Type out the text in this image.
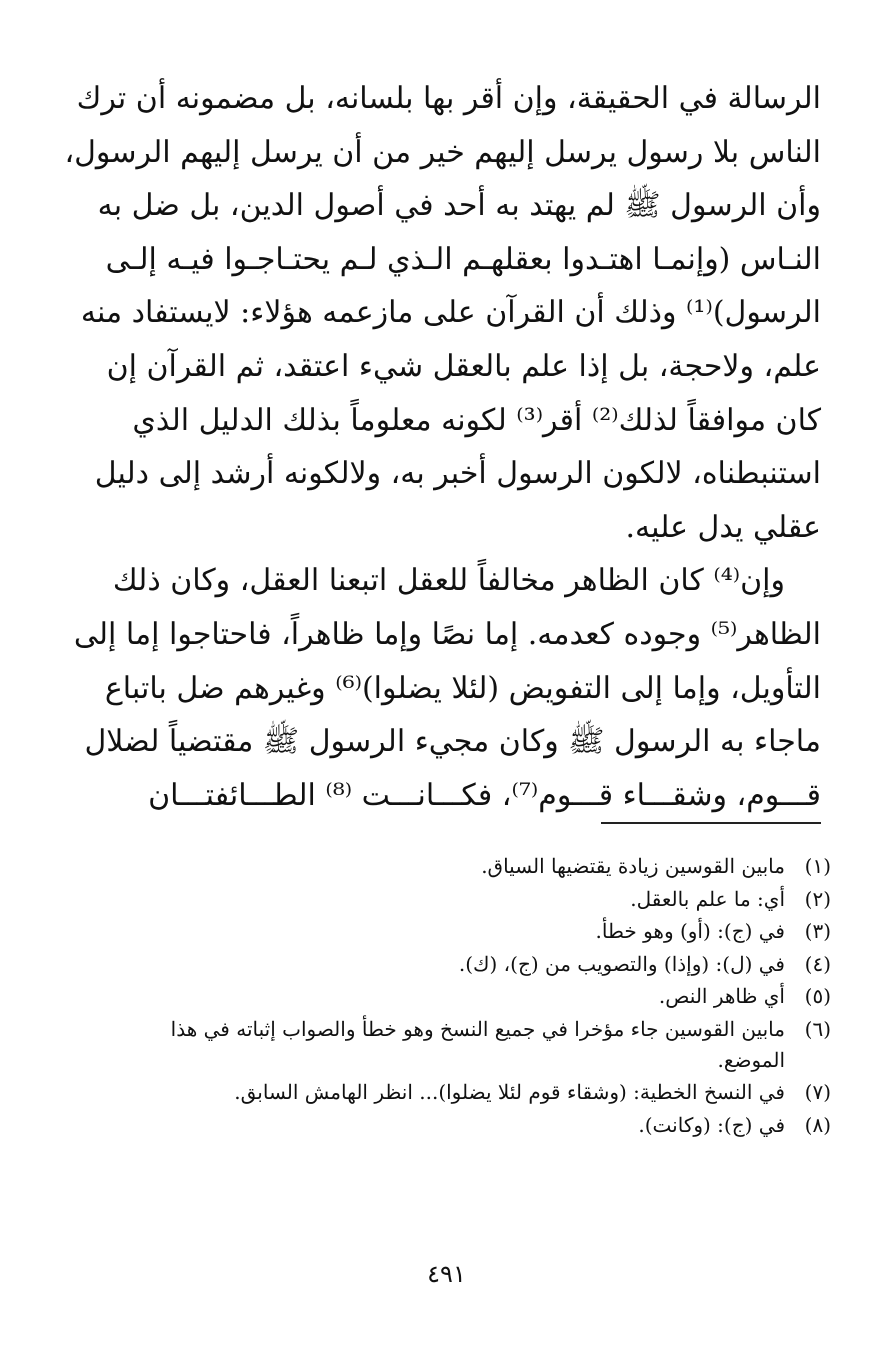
الرسالة في الحقيقة، وإن أقر بها بلسانه، بل مضمونه أن ترك
الناس بلا رسول يرسل إليهم خير من أن يرسل إليهم الرسول،
وأن الرسول ﷺ لم يهتد به أحد في أصول الدين، بل ضل به
النـاس (وإنمـا اهتـدوا بعقلهـم الـذي لـم يحتـاجـوا فيـه إلـى
الرسول)⁽¹⁾ وذلك أن القرآن على مازعمه هؤلاء: لايستفاد منه
علم، ولاحجة، بل إذا علم بالعقل شيء اعتقد، ثم القرآن إن
كان موافقاً لذلك⁽²⁾ أقر⁽³⁾ لكونه معلوماً بذلك الدليل الذي
استنبطناه، لالكون الرسول أخبر به، ولالكونه أرشد إلى دليل
عقلي يدل عليه.
وإن⁽⁴⁾ كان الظاهر مخالفاً للعقل اتبعنا العقل، وكان ذلك
الظاهر⁽⁵⁾ وجوده كعدمه. إما نصًا وإما ظاهراً، فاحتاجوا إما إلى
التأويل، وإما إلى التفويض (لئلا يضلوا)⁽⁶⁾ وغيرهم ضل باتباع
ماجاء به الرسول ﷺ وكان مجيء الرسول ﷺ مقتضياً لضلال
قـــوم، وشقـــاء قـــوم⁽⁷⁾، فكـــانـــت ⁽⁸⁾ الطـــائفتـــان
(١)
مابين القوسين زيادة يقتضيها السياق.
(٢)
أي: ما علم بالعقل.
(٣)
في (ج): (أو) وهو خطأ.
(٤)
في (ل): (وإذا) والتصويب من (ج)، (ك).
(٥)
أي ظاهر النص.
(٦)
مابين القوسين جاء مؤخرا في جميع النسخ وهو خطأ والصواب إثباته في هذا الموضع.
(٧)
في النسخ الخطية: (وشقاء قوم لئلا يضلوا)... انظر الهامش السابق.
(٨)
في (ج): (وكانت).
٤٩١
